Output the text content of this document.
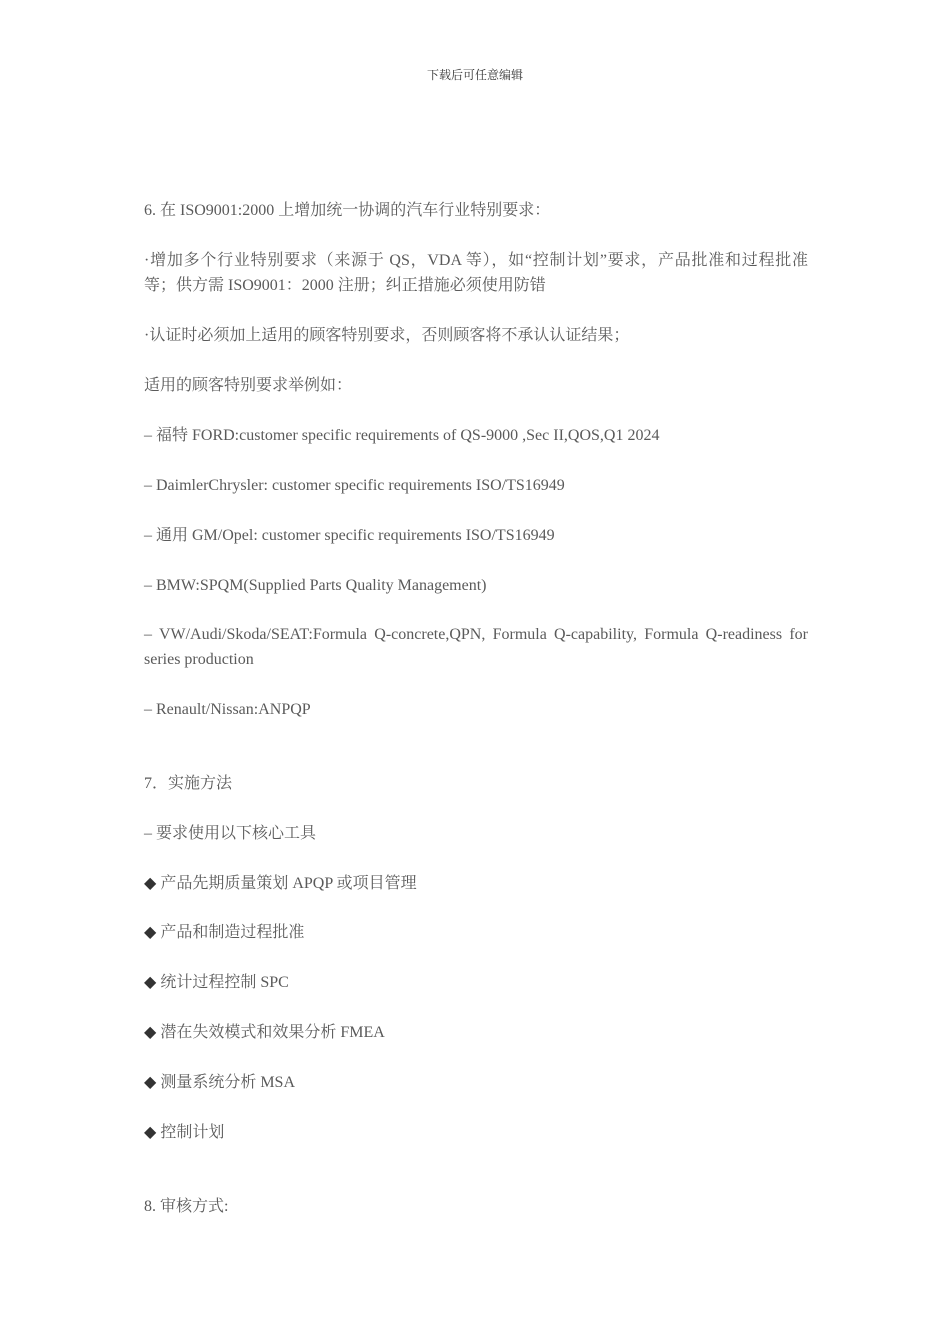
下载后可任意编辑
6. 在 ISO9001:2000 上增加统一协调的汽车行业特别要求：
·增加多个行业特别要求（来源于 QS，VDA 等），如“控制计划”要求，产品批准和过程批准等；供方需 ISO9001：2000 注册；纠正措施必须使用防错
·认证时必须加上适用的顾客特别要求，否则顾客将不承认认证结果；
适用的顾客特别要求举例如：
– 福特 FORD:customer specific requirements of QS-9000 ,Sec II,QOS,Q1 2024
– DaimlerChrysler: customer specific requirements ISO/TS16949
– 通用 GM/Opel: customer specific requirements ISO/TS16949
– BMW:SPQM(Supplied Parts Quality Management)
– VW/Audi/Skoda/SEAT:Formula Q-concrete,QPN, Formula Q-capability, Formula Q-readiness for series production
– Renault/Nissan:ANPQP
7．实施方法
– 要求使用以下核心工具
◆ 产品先期质量策划 APQP 或项目管理
◆ 产品和制造过程批准
◆ 统计过程控制 SPC
◆ 潜在失效模式和效果分析 FMEA
◆ 测量系统分析 MSA
◆ 控制计划
8. 审核方式:
